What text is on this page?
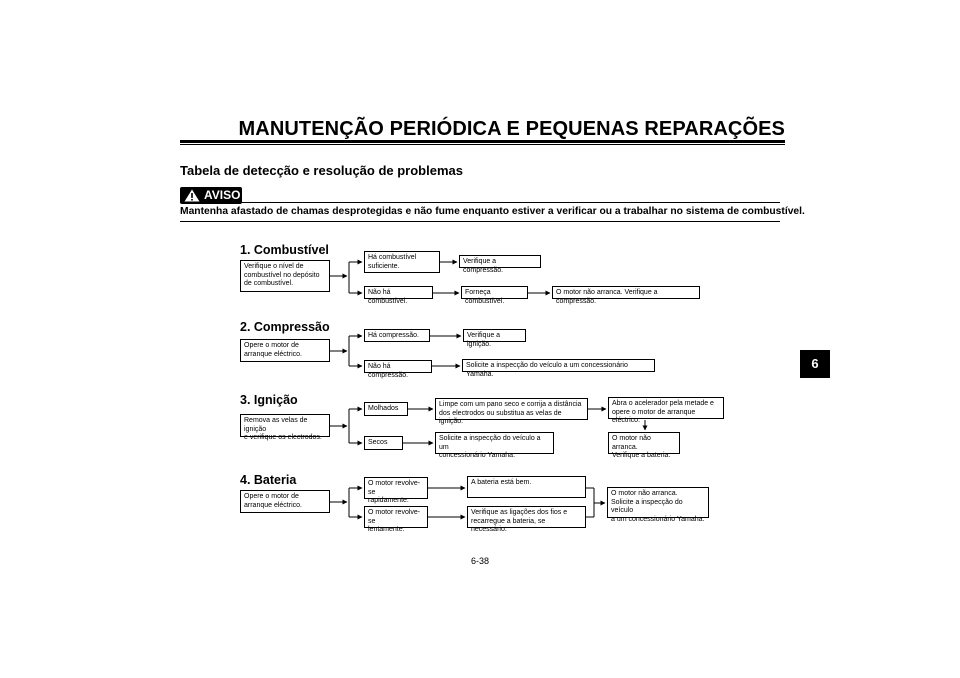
MANUTENÇÃO PERIÓDICA E PEQUENAS REPARAÇÕES
Tabela de detecção e resolução de problemas
AVISO
Mantenha afastado de chamas desprotegidas e não fume enquanto estiver a verificar ou a trabalhar no sistema de combustível.
1. Combustível
Verifique o nível de
combustível no depósito
de combustível.
Há combustível
suficiente.
Verifique a compressão.
Não há combustível.
Forneça combustível.
O motor não arranca. Verifique a compressão.
2. Compressão
Opere o motor de
arranque eléctrico.
Há compressão.	Verifique a ignição.
Não há compressão.
Solicite a inspecção do veículo a um concessionário Yamaha.
3. Ignição
Remova as velas de ignição
e verifique os electrodos.
Molhados
Limpe com um pano seco e corrija a distância
dos electrodos ou substitua as velas de ignição.
Abra o acelerador pela metade e
opere o motor de arranque eléctrico.
O motor não arranca.
Verifique a bateria.
Secos
Solicite a inspecção do veículo a um
concessionário Yamaha.
4. Bateria
Opere o motor de
arranque eléctrico.
O motor revolve-se
rapidamente.
A bateria está bem.
O motor revolve-se
lentamente.
Verifique as ligações dos fios e
recarregue a bateria, se necessário.
O motor não arranca.
Solicite a inspecção do veículo
a um concessionário Yamaha.
6
6-38
